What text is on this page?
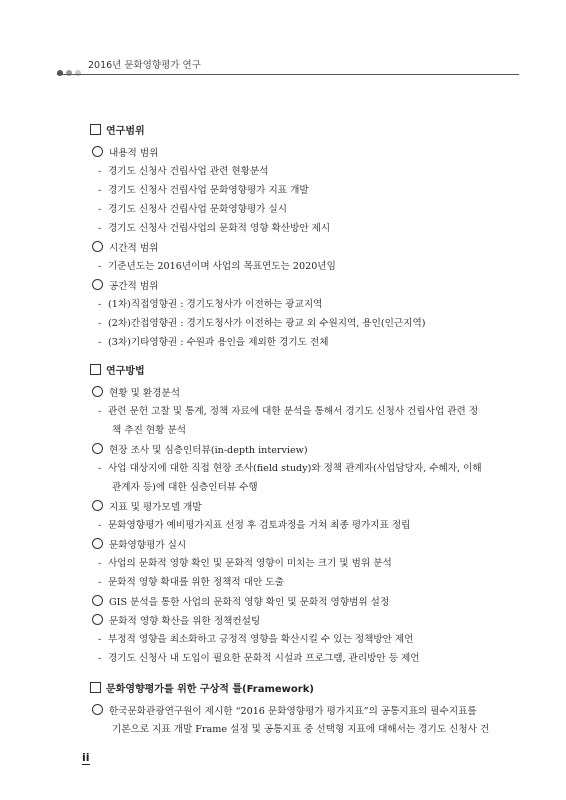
2016년 문화영향평가 연구
연구범위
내용적 범위
- 경기도 신청사 건립사업 관련 현황분석
- 경기도 신청사 건립사업 문화영향평가 지표 개발
- 경기도 신청사 건립사업 문화영향평가 실시
- 경기도 신청사 건립사업의 문화적 영향 확산방안 제시
시간적 범위
- 기준년도는 2016년이며 사업의 목표연도는 2020년임
공간적 범위
- (1차)직접영향권 : 경기도청사가 이전하는 광교지역
- (2차)간접영향권 : 경기도청사가 이전하는 광교 외 수원지역, 용인(인근지역)
- (3차)기타영향권 : 수원과 용인을 제외한 경기도 전체
연구방법
현황 및 환경분석
- 관련 문헌 고찰 및 통계, 정책 자료에 대한 분석을 통해서 경기도 신청사 건립사업 관련 정
책 추진 현황 분석
현장 조사 및 심층인터뷰(in-depth interview)
- 사업 대상지에 대한 직접 현장 조사(field study)와 정책 관계자(사업담당자, 수혜자, 이해
관계자 등)에 대한 심층인터뷰 수행
지표 및 평가모델 개발
- 문화영향평가 예비평가지표 선정 후 검토과정을 거쳐 최종 평가지표 정립
문화영향평가 실시
- 사업의 문화적 영향 확인 및 문화적 영향이 미치는 크기 및 범위 분석
- 문화적 영향 확대를 위한 정책적 대안 도출
GIS 분석을 통한 사업의 문화적 영향 확인 및 문화적 영향범위 설정
문화적 영향 확산을 위한 정책컨설팅
- 부정적 영향을 최소화하고 긍정적 영향을 확산시킬 수 있는 정책방안 제언
- 경기도 신청사 내 도입이 필요한 문화적 시설과 프로그램, 관리방안 등 제언
문화영향평가를 위한 구상적 틀(Framework)
한국문화관광연구원이 제시한 “2016 문화영향평가 평가지표”의 공통지표의 필수지표를
기본으로 지표 개발 Frame 설정 및 공통지표 중 선택형 지표에 대해서는 경기도 신청사 건
ii
